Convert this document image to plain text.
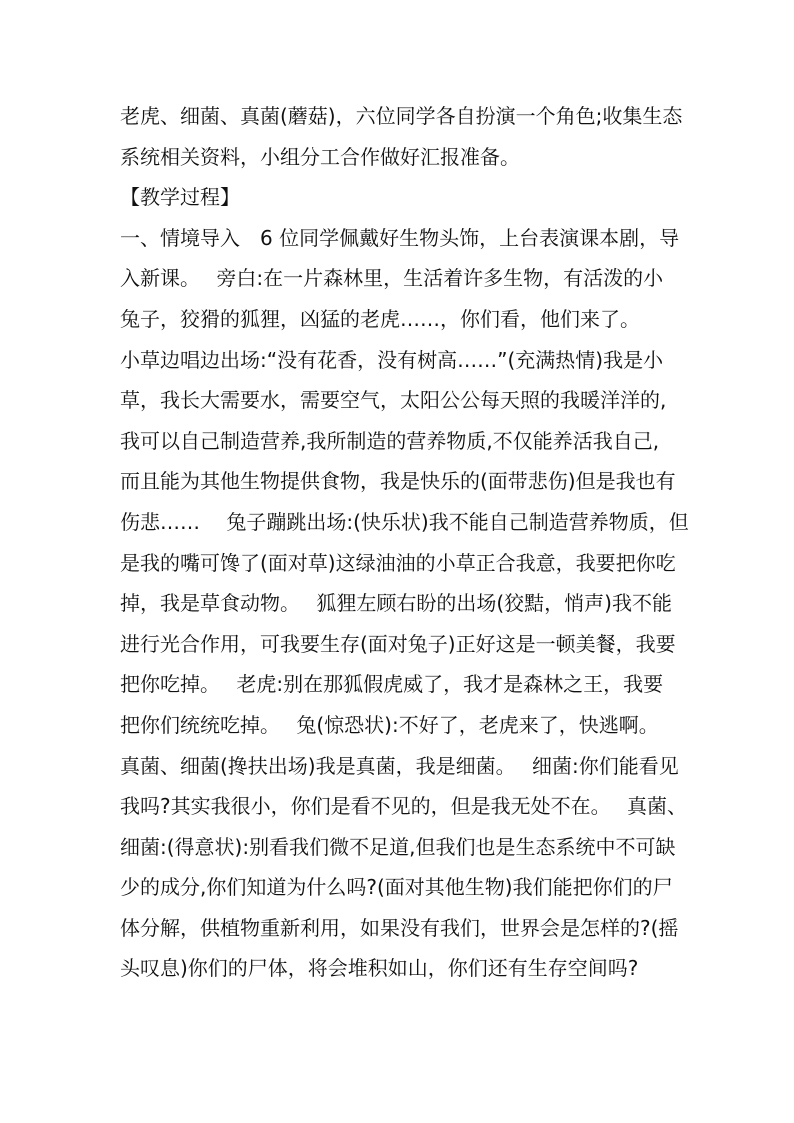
老虎、细菌、真菌(蘑菇)，六位同学各自扮演一个角色;收集生态
系统相关资料，小组分工合作做好汇报准备。
【教学过程】
一、情境导入　6 位同学佩戴好生物头饰，上台表演课本剧，导
入新课。　 旁白:在一片森林里，生活着许多生物，有活泼的小
兔子，狡猾的狐狸，凶猛的老虎……，你们看，他们来了。
小草边唱边出场:“没有花香，没有树高……”(充满热情)我是小
草，我长大需要水，需要空气，太阳公公每天照的我暖洋洋的,
我可以自己制造营养,我所制造的营养物质,不仅能养活我自己,
而且能为其他生物提供食物，我是快乐的(面带悲伤)但是我也有
伤悲……　 兔子蹦跳出场:(快乐状)我不能自己制造营养物质，但
是我的嘴可馋了(面对草)这绿油油的小草正合我意，我要把你吃
掉，我是草食动物。　 狐狸左顾右盼的出场(狡黠，悄声)我不能
进行光合作用，可我要生存(面对兔子)正好这是一顿美餐，我要
把你吃掉。　 老虎:别在那狐假虎威了，我才是森林之王，我要
把你们统统吃掉。　 兔(惊恐状):不好了，老虎来了，快逃啊。
真菌、细菌(搀扶出场)我是真菌，我是细菌。　 细菌:你们能看见
我吗?其实我很小，你们是看不见的，但是我无处不在。　 真菌、
细菌:(得意状):别看我们微不足道,但我们也是生态系统中不可缺
少的成分,你们知道为什么吗?(面对其他生物)我们能把你们的尸
体分解，供植物重新利用，如果没有我们，世界会是怎样的?(摇
头叹息)你们的尸体，将会堆积如山，你们还有生存空间吗?
